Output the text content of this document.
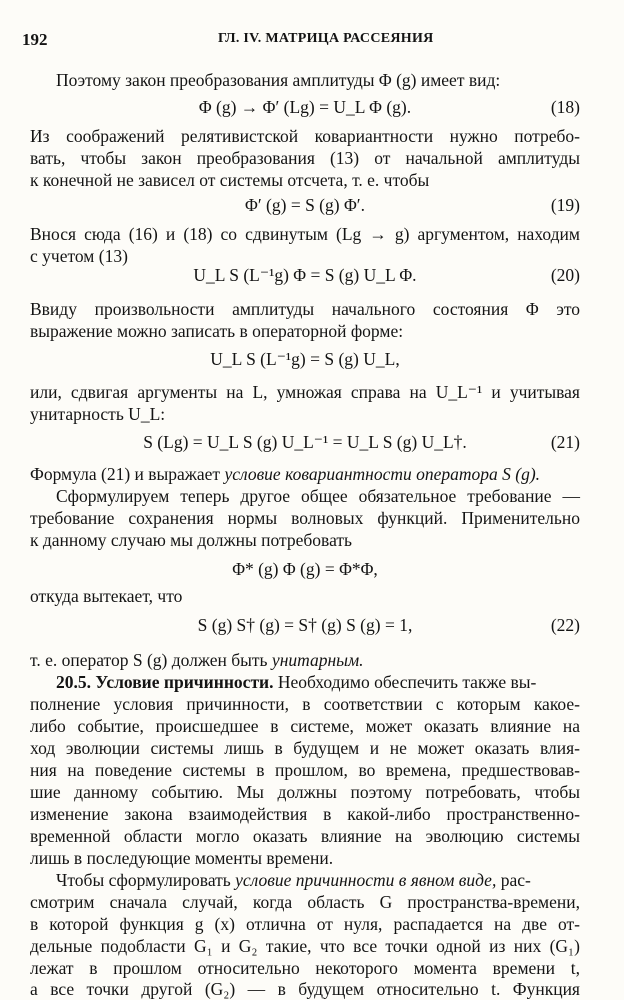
192	ГЛ. IV. МАТРИЦА РАССЕЯНИЯ
Поэтому закон преобразования амплитуды Φ (g) имеет вид:
Φ (g) → Φ′ (Lg) = U_L Φ (g).	(18)
Из соображений релятивистской ковариантности нужно потребо-
вать, чтобы закон преобразования (13) от начальной амплитуды
к конечной не зависел от системы отсчета, т. е. чтобы
Φ′ (g) = S (g) Φ′.	(19)
Внося сюда (16) и (18) со сдвинутым (Lg → g) аргументом, находим
с учетом (13)
U_L S (L⁻¹g) Φ = S (g) U_L Φ.	(20)
Ввиду произвольности амплитуды начального состояния Φ это
выражение можно записать в операторной форме:
U_L S (L⁻¹g) = S (g) U_L,
или, сдвигая аргументы на L, умножая справа на U_L⁻¹ и учитывая
унитарность U_L:
S (Lg) = U_L S (g) U_L⁻¹ = U_L S (g) U_L†.	(21)
Формула (21) и выражает условие ковариантности оператора S (g).
Сформулируем теперь другое общее обязательное требование —
требование сохранения нормы волновых функций. Применительно
к данному случаю мы должны потребовать
Φ* (g) Φ (g) = Φ*Φ,
откуда вытекает, что
S (g) S† (g) = S† (g) S (g) = 1,	(22)
т. е. оператор S (g) должен быть унитарным.
20.5. Условие причинности. Необходимо обеспечить также вы-
полнение условия причинности, в соответствии с которым какое-
либо событие, происшедшее в системе, может оказать влияние на
ход эволюции системы лишь в будущем и не может оказать влия-
ния на поведение системы в прошлом, во времена, предшествовав-
шие данному событию. Мы должны поэтому потребовать, чтобы
изменение закона взаимодействия в какой-либо пространственно-
временной области могло оказать влияние на эволюцию системы
лишь в последующие моменты времени.
Чтобы сформулировать условие причинности в явном виде, рас-
смотрим сначала случай, когда область G пространства-времени,
в которой функция g (x) отлична от нуля, распадается на две от-
дельные подобласти G₁ и G₂ такие, что все точки одной из них (G₁)
лежат в прошлом относительно некоторого момента времени t,
а все точки другой (G₂) — в будущем относительно t. Функция
